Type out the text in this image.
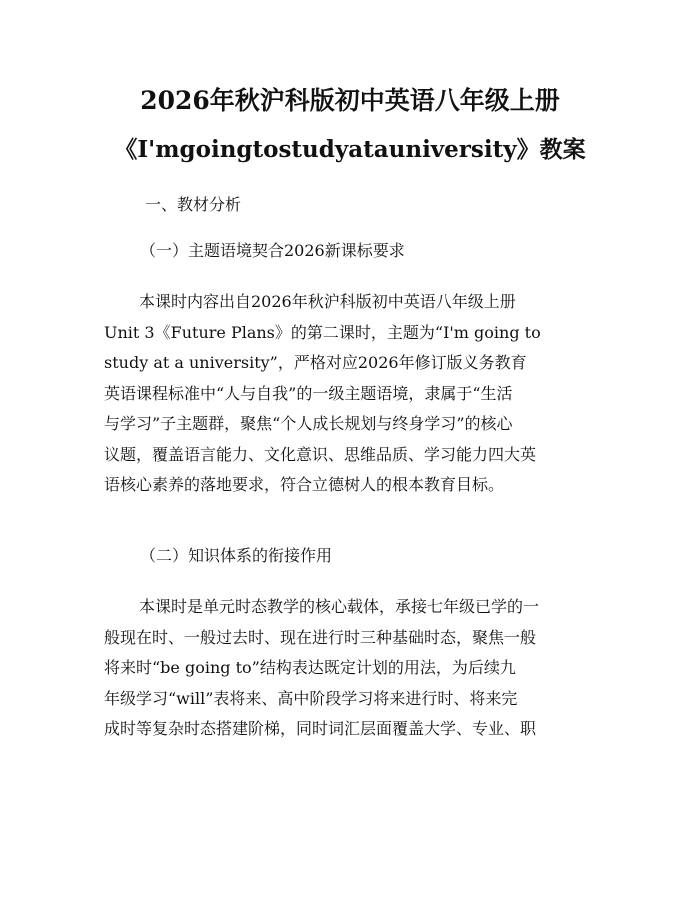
2026年秋沪科版初中英语八年级上册
《I'mgoingtostudyatauniversity》教案
一、教材分析
（一）主题语境契合2026新课标要求
本课时内容出自2026年秋沪科版初中英语八年级上册
Unit 3《Future Plans》的第二课时，主题为“I'm going to
study at a university”，严格对应2026年修订版义务教育
英语课程标准中“人与自我”的一级主题语境，隶属于“生活
与学习”子主题群，聚焦“个人成长规划与终身学习”的核心
议题，覆盖语言能力、文化意识、思维品质、学习能力四大英
语核心素养的落地要求，符合立德树人的根本教育目标。
（二）知识体系的衔接作用
本课时是单元时态教学的核心载体，承接七年级已学的一
般现在时、一般过去时、现在进行时三种基础时态，聚焦一般
将来时“be going to”结构表达既定计划的用法，为后续九
年级学习“will”表将来、高中阶段学习将来进行时、将来完
成时等复杂时态搭建阶梯，同时词汇层面覆盖大学、专业、职
